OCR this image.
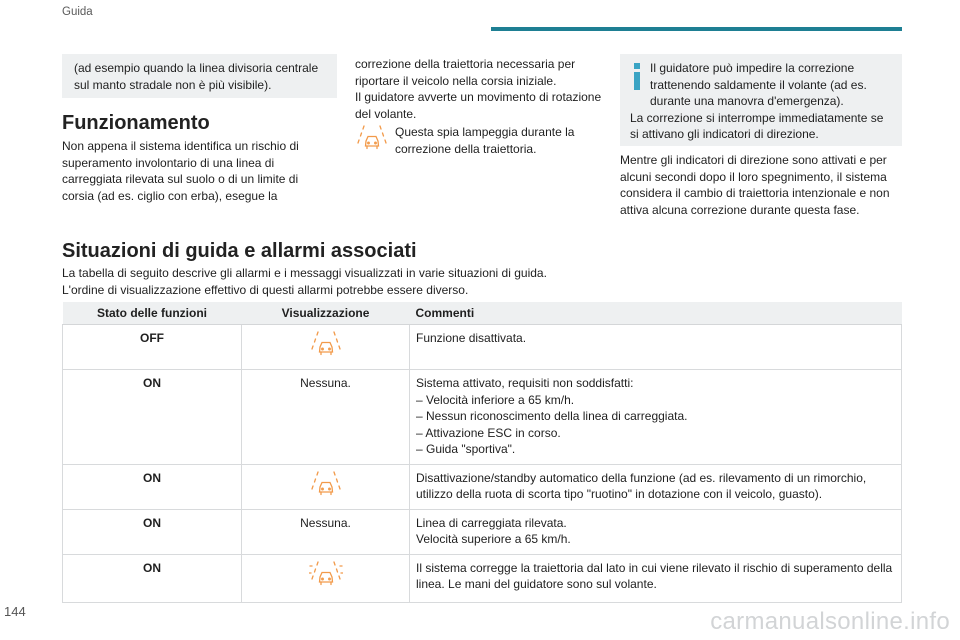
Guida

(ad esempio quando la linea divisoria centrale sul manto stradale non è più visibile).

Funzionamento

Non appena il sistema identifica un rischio di superamento involontario di una linea di carreggiata rilevata sul suolo o di un limite di corsia (ad es. ciglio con erba), esegue la

correzione della traiettoria necessaria per riportare il veicolo nella corsia iniziale.

Il guidatore avverte un movimento di rotazione del volante.

Questa spia lampeggia durante la correzione della traiettoria.

Il guidatore può impedire la correzione trattenendo saldamente il volante (ad es. durante una manovra d'emergenza).

La correzione si interrompe immediatamente se si attivano gli indicatori di direzione.

Mentre gli indicatori di direzione sono attivati e per alcuni secondi dopo il loro spegnimento, il sistema considera il cambio di traiettoria intenzionale e non attiva alcuna correzione durante questa fase.

Situazioni di guida e allarmi associati

La tabella di seguito descrive gli allarmi e i messaggi visualizzati in varie situazioni di guida.

L'ordine di visualizzazione effettivo di questi allarmi potrebbe essere diverso.

Stato delle funzioni	Visualizzazione	Commenti
OFF		Funzione disattivata.

ON	Nessuna.	Sistema attivato, requisiti non soddisfatti:
– Velocità inferiore a 65 km/h.
– Nessun riconoscimento della linea di carreggiata.
– Attivazione ESC in corso.
– Guida "sportiva".

ON		Disattivazione/standby automatico della funzione (ad es. rilevamento di un rimorchio, utilizzo della ruota di scorta tipo "ruotino" in dotazione con il veicolo, guasto).

ON	Nessuna.	Linea di carreggiata rilevata.
Velocità superiore a 65 km/h.

ON		Il sistema corregge la traiettoria dal lato in cui viene rilevato il rischio di superamento della linea. Le mani del guidatore sono sul volante.
144	carmanualsonline.info
